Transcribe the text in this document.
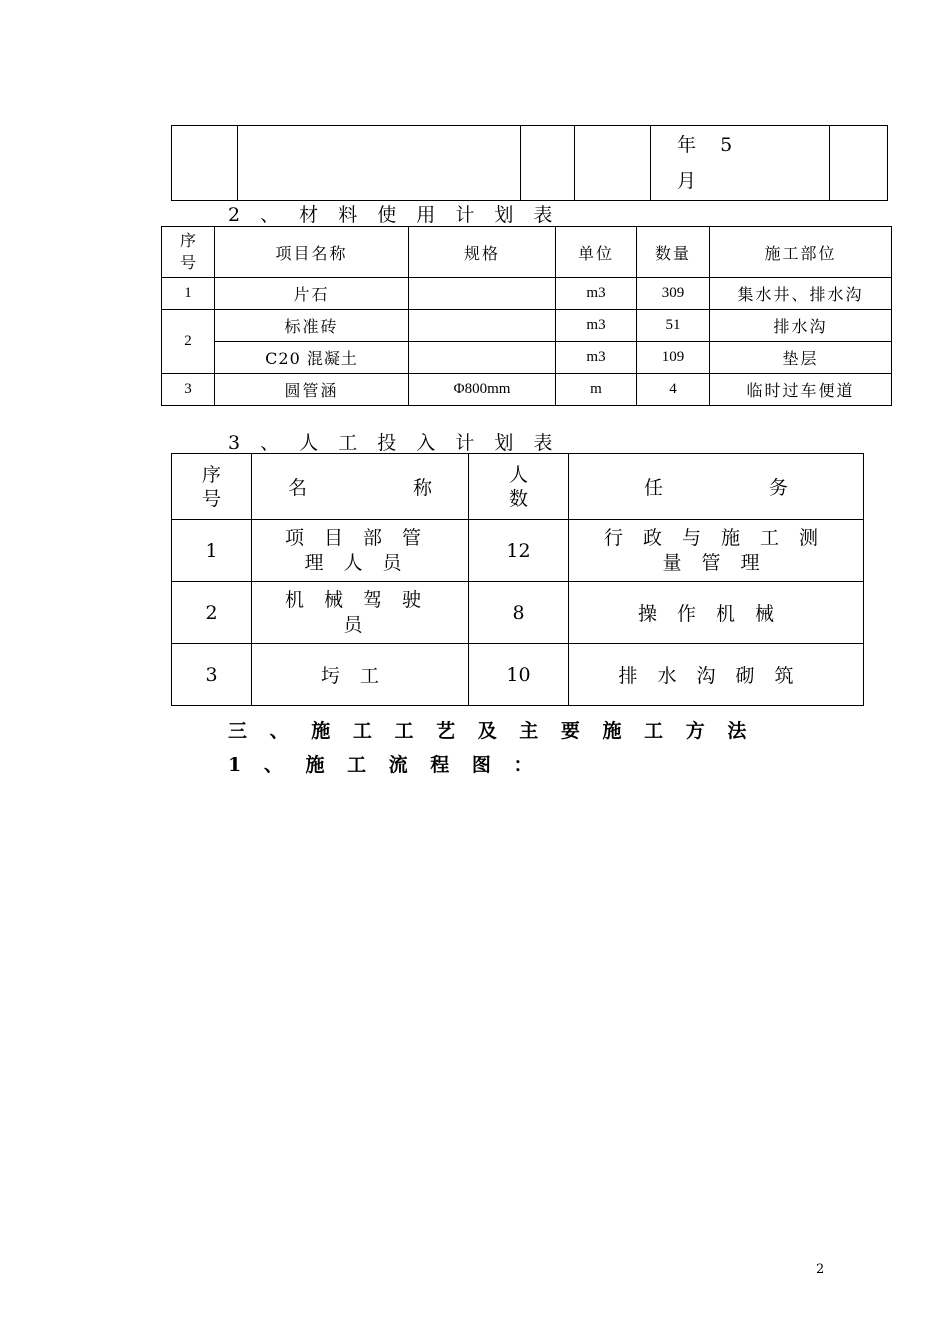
年    5
月

2 、 材 料 使 用 计 划 表
序号	项目名称	规格	单位	数量	施工部位
1	片石		m3	309	集水井、排水沟
2	标准砖		m3	51	排水沟
	C20 混凝土		m3	109	垫层
3	圆管涵	Φ800mm	m	4	临时过车便道
3 、 人 工 投 入 计 划 表
序号	名 称	人数	任 务
1	项目部管理人员	12	行政与施工测量管理
2	机械驾驶员	8	操作机械
3	圬工	10	排水沟砌筑
三 、 施 工 工 艺 及 主 要 施 工 方 法
1 、 施 工 流 程 图 ：
2
